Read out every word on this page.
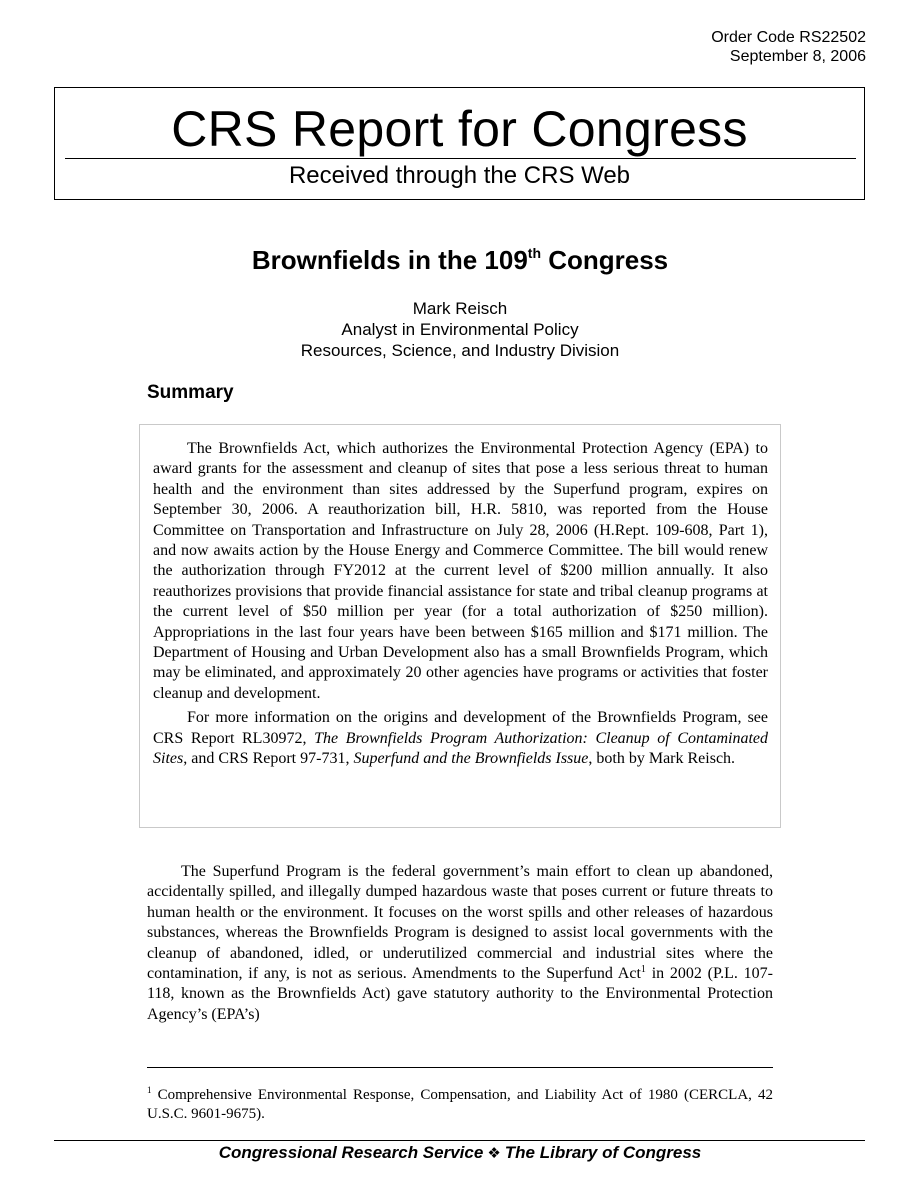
Order Code RS22502
September 8, 2006
CRS Report for Congress
Received through the CRS Web
Brownfields in the 109th Congress
Mark Reisch
Analyst in Environmental Policy
Resources, Science, and Industry Division
Summary

The Brownfields Act, which authorizes the Environmental Protection Agency (EPA) to award grants for the assessment and cleanup of sites that pose a less serious threat to human health and the environment than sites addressed by the Superfund program, expires on September 30, 2006. A reauthorization bill, H.R. 5810, was reported from the House Committee on Transportation and Infrastructure on July 28, 2006 (H.Rept. 109-608, Part 1), and now awaits action by the House Energy and Commerce Committee. The bill would renew the authorization through FY2012 at the current level of $200 million annually. It also reauthorizes provisions that provide financial assistance for state and tribal cleanup programs at the current level of $50 million per year (for a total authorization of $250 million). Appropriations in the last four years have been between $165 million and $171 million. The Department of Housing and Urban Development also has a small Brownfields Program, which may be eliminated, and approximately 20 other agencies have programs or activities that foster cleanup and development.

For more information on the origins and development of the Brownfields Program, see CRS Report RL30972, The Brownfields Program Authorization: Cleanup of Contaminated Sites, and CRS Report 97-731, Superfund and the Brownfields Issue, both by Mark Reisch.

The Superfund Program is the federal government’s main effort to clean up abandoned, accidentally spilled, and illegally dumped hazardous waste that poses current or future threats to human health or the environment. It focuses on the worst spills and other releases of hazardous substances, whereas the Brownfields Program is designed to assist local governments with the cleanup of abandoned, idled, or underutilized commercial and industrial sites where the contamination, if any, is not as serious. Amendments to the Superfund Act$^1$ in 2002 (P.L. 107-118, known as the Brownfields Act) gave statutory authority to the Environmental Protection Agency’s (EPA’s)

$^1$ Comprehensive Environmental Response, Compensation, and Liability Act of 1980 (CERCLA, 42 U.S.C. 9601-9675).
Congressional Research Service ❖ The Library of Congress
